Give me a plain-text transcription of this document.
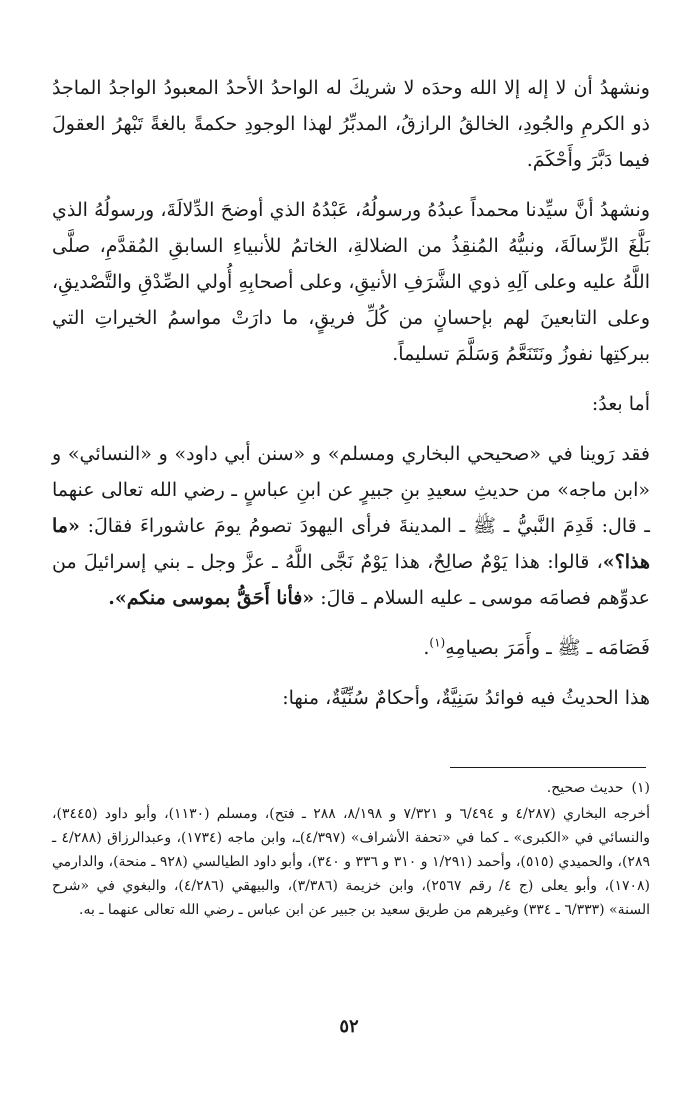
ونشهدُ أن لا إله إلا الله وحدَه لا شريكَ له الواحدُ الأحدُ المعبودُ الواجدُ الماجدُ ذو الكرمِ والجُودِ، الخالقُ الرازقُ، المدبِّرُ لهذا الوجودِ حكمةً بالغةً تَبْهرُ العقولَ فيما دَبَّرَ وأَحْكَمَ.

ونشهدُ أنَّ سيِّدنا محمداً عبدُهُ ورسولُهُ، عَبْدُهُ الذي أوضحَ الدِّلالَةَ، ورسولُهُ الذي بَلَّغَ الرِّسالَةَ، ونبيُّهُ المُنقِذُ من الضلالةِ، الخاتمُ للأنبياءِ السابقِ المُقدَّمِ، صلَّى اللَّهُ عليه وعلى آلِهِ ذوي الشَّرَفِ الأنيقِ، وعلى أصحابِهِ أُولي الصِّدْقِ والتَّصْديقِ، وعلى التابعينَ لهم بإحسانٍ من كُلِّ فريقٍ، ما دارَتْ مواسمُ الخيراتِ التي ببركتِها نفوزُ ونَتَنَعَّمُ وَسَلَّمَ تسليماً.

أما بعدُ:

فقد رَوينا في «صحيحي البخاري ومسلم» و «سنن أبي داود» و «النسائي» و «ابن ماجه» من حديثِ سعيدِ بنِ جبيرٍ عن ابنِ عباسٍ ـ رضي الله تعالى عنهما ـ قال: قَدِمَ النَّبيُّ ـ ﷺ ـ المدينةَ فرأى اليهودَ تصومُ يومَ عاشوراءَ فقالَ: «ما هذا؟»، قالوا: هذا يَوْمٌ صالِحٌ، هذا يَوْمٌ نَجَّى اللَّهُ ـ عزَّ وجل ـ بني إسرائيلَ من عدوِّهم فصامَه موسى ـ عليه السلام ـ قالَ: «فأنا أَحَقُّ بموسى منكم».

فَصَامَه ـ ﷺ ـ وأَمَرَ بصيامِهِ$^{(١)}$.

هذا الحديثُ فيه فوائدُ سَنِيَّةٌ، وأحكامٌ سُنِّيَّةٌ، منها:

(١)حديث صحيح.
أخرجه البخاري (٤/٢٨٧ و ٦/٤٩٤ و ٧/٣٢١ و ٨/١٩٨، ٢٨٨ ـ فتح)، ومسلم (١١٣٠)، وأبو داود (٣٤٤٥)، والنسائي في «الكبرى» ـ كما في «تحفة الأشراف» (٤/٣٩٧)ـ، وابن ماجه (١٧٣٤)، وعبدالرزاق (٤/٢٨٨ ـ ٢٨٩)، والحميدي (٥١٥)، وأحمد (١/٢٩١ و ٣١٠ و ٣٣٦ و ٣٤٠)، وأبو داود الطيالسي (٩٢٨ ـ منحة)، والدارمي (١٧٠٨)، وأبو يعلى (ج ٤/ رقم ٢٥٦٧)، وابن خزيمة (٣/٣٨٦)، والبيهقي (٤/٢٨٦)، والبغوي في «شرح السنة» (٦/٣٣٣ ـ ٣٣٤) وغيرهم من طريق سعيد بن جبير عن ابن عباس ـ رضي الله تعالى عنهما ـ به.
٥٢
